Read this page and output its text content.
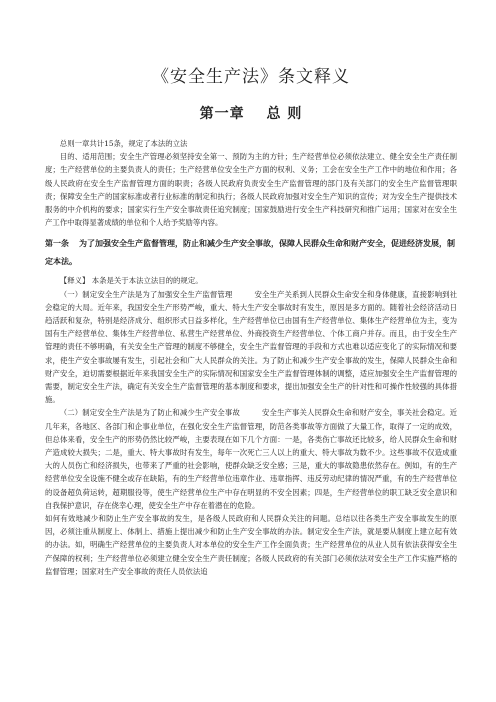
《安全生产法》条文释义
第一章 总 则

总则一章共计15条，规定了本法的立法

目的、适用范围；安全生产管理必须坚持安全第一、预防为主的方针；生产经营单位必须依法建立、健全安全生产责任制度；生产经营单位的主要负责人的责任；生产经营单位安全生产方面的权利、义务；工会在安全生产工作中的地位和作用；各级人民政府在安全生产监督管理方面的职责；各级人民政府负责安全生产监督管理的部门及有关部门的安全生产监督管理职责；保障安全生产的国家标准或者行业标准的制定和执行；各级人民政府加强对安全生产知识的宣传；对为安全生产提供技术服务的中介机构的要求；国家实行生产安全事故责任追究制度；国家鼓励进行安全生产科技研究和推广运用；国家对在安全生产工作中取得显著成绩的单位和个人给予奖励等内容。

第一条 为了加强安全生产监督管理，防止和减少生产安全事故，保障人民群众生命和财产安全，促进经济发展，制定本法。

【释义】 本条是关于本法立法目的的规定。

（一）制定安全生产法是为了加强安全生产监督管理	安全生产关系到人民群众生命安全和身体健康，直接影响到社会稳定的大局。近年来，我国安全生产形势严峻，重大、特大生产安全事故时有发生，原因是多方面的。随着社会经济活动日趋活跃和复杂，特别是经济成分、组织形式日益多样化，生产经营单位已由国有生产经营单位、集体生产经营单位为主，变为国有生产经营单位、集体生产经营单位、私营生产经营单位、外商投资生产经营单位、个体工商户并存。而且，由于安全生产管理的责任不够明确，有关安全生产管理的制度不够健全，安全生产监督管理的手段和方式也难以适应变化了的实际情况和要求，使生产安全事故屡有发生，引起社会和广大人民群众的关注。为了防止和减少生产安全事故的发生，保障人民群众生命和财产安全，迫切需要根据近年来我国安全生产的实际情况和国家安全生产监督管理体制的调整，适应加强安全生产监督管理的需要，制定安全生产法，确定有关安全生产监督管理的基本制度和要求，提出加强安全生产的针对性和可操作性较强的具体措施。

（二）制定安全生产法是为了防止和减少生产安全事故	安全生产事关人民群众生命和财产安全，事关社会稳定。近几年来，各地区、各部门和企事业单位，在强化安全生产监督管理，防范各类事故等方面做了大量工作，取得了一定的成效，但总体来看，安全生产的形势仍然比较严峻，主要表现在如下几个方面：一是，各类伤亡事故还比较多，给人民群众生命和财产造成较大损失；二是，重大、特大事故时有发生，每年一次死亡三人以上的重大、特大事故为数不少。这些事故不仅造成重大的人员伤亡和经济损失，也带来了严重的社会影响，使群众缺乏安全感；三是，重大的事故隐患依然存在。例如，有的生产经营单位安全设施不健全或存在缺陷，有的生产经营单位违章作业、违章指挥、违反劳动纪律的情况严重，有的生产经营单位的设备超负荷运转，超期服役等，使生产经营单位生产中存在明显的不安全因素；四是，生产经营单位的职工缺乏安全意识和自我保护意识，存在侥幸心理，使安全生产中存在着潜在的危险。

如何有效地减少和防止生产安全事故的发生，是各级人民政府和人民群众关注的问题。总结以往各类生产安全事故发生的原因，必须注重从制度上、体制上、措施上提出减少和防止生产安全事故的办法。制定安全生产法，就是要从制度上建立起有效的办法。如，明确生产经营单位的主要负责人对本单位的安全生产工作全面负责；生产经营单位的从业人员有依法获得安全生产保障的权利；生产经营单位必须建立健全安全生产责任制度；各级人民政府的有关部门必须依法对安全生产工作实施严格的监督管理；国家对生产安全事故的责任人员依法追
